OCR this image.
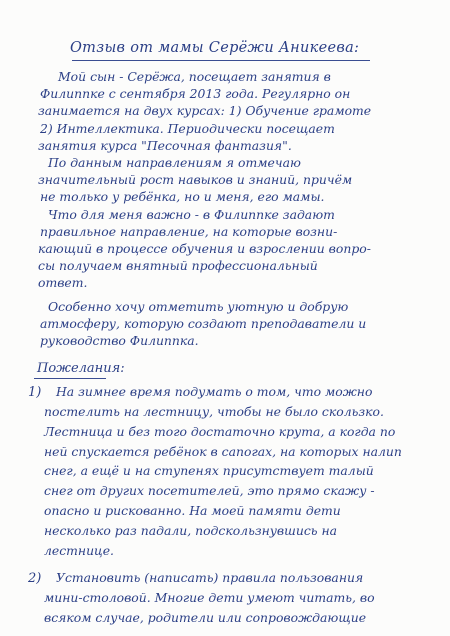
Отзыв от мамы Серёжи Аникеева:
Мой сын - Серёжа, посещает занятия в
Филиппке с сентября 2013 года. Регулярно он
занимается на двух курсах: 1) Обучение грамоте
2) Интеллектика. Периодически посещает
занятия курса "Песочная фантазия".
По данным направлениям я отмечаю
значительный рост навыков и знаний, причём
не только у ребёнка, но и меня, его мамы.
Что для меня важно - в Филиппке задают
правильное направление, на которые возни-
кающий в процессе обучения и взрослении вопро-
сы получаем внятный профессиональный
ответ.
Особенно хочу отметить уютную и добрую
атмосферу, которую создают преподаватели и
руководство Филиппка.
Пожелания:
1) На зимнее время подумать о том, что можно
постелить на лестницу, чтобы не было скользко.
Лестница и без того достаточно крута, а когда по
ней спускается ребёнок в сапогах, на которых налип
снег, а ещё и на ступенях присутствует талый
снег от других посетителей, это прямо скажу -
опасно и рискованно. На моей памяти дети
несколько раз падали, подскользнувшись на
лестнице.
2) Установить (написать) правила пользования
мини-столовой. Многие дети умеют читать, во
всяком случае, родители или сопровождающие
